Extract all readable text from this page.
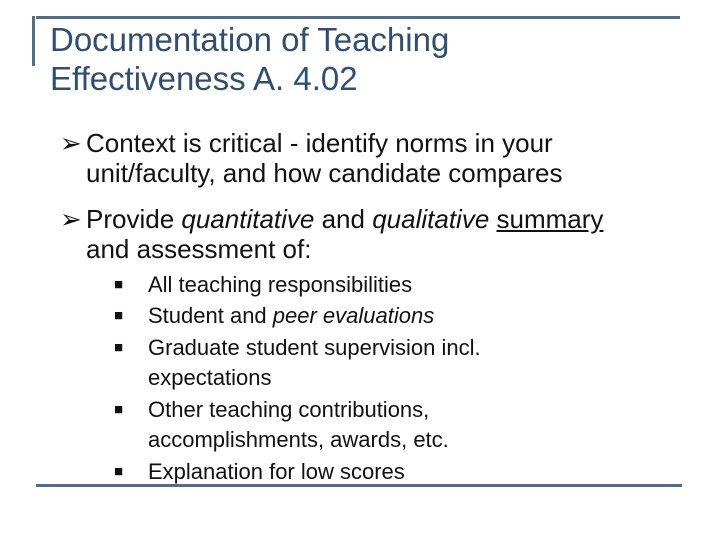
Documentation of Teaching
Effectiveness A. 4.02
➢ Context is critical - identify norms in your
unit/faculty, and how candidate compares
➢ Provide quantitative and qualitative summary
and assessment of:
■ All teaching responsibilities
■ Student and peer evaluations
■ Graduate student supervision incl.
expectations
■ Other teaching contributions,
accomplishments, awards, etc.
■ Explanation for low scores
